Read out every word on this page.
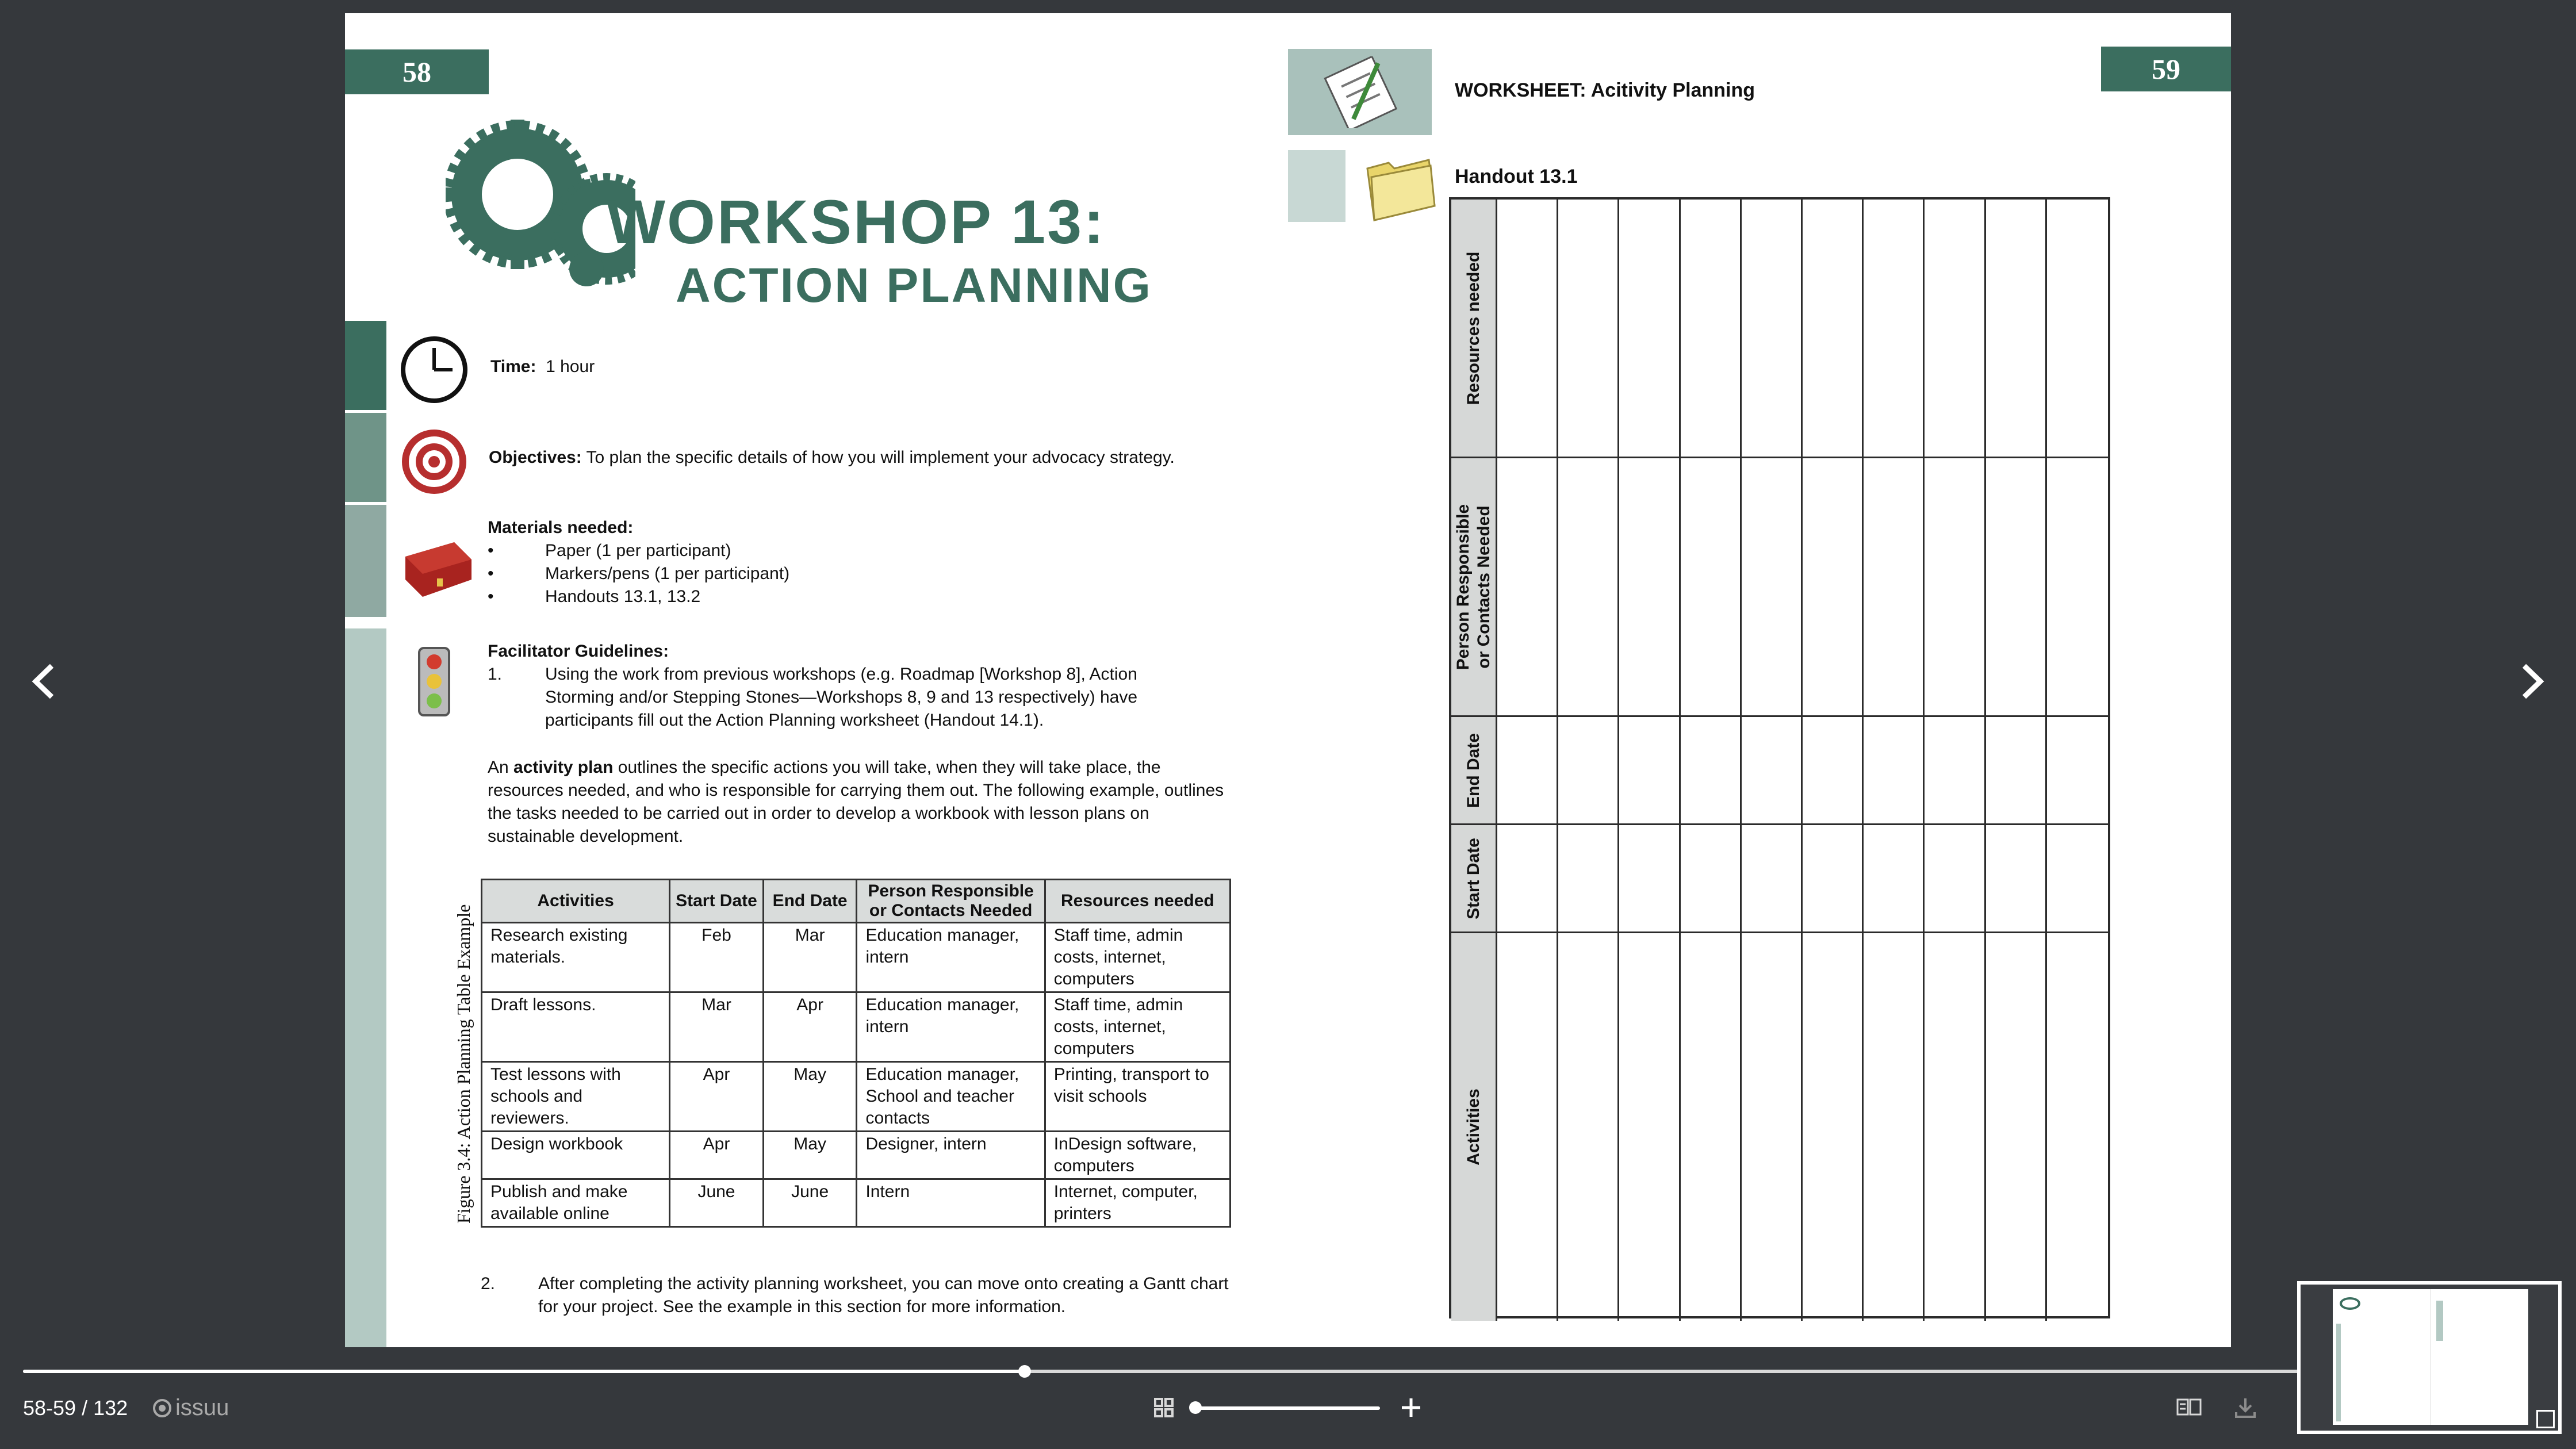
58
WORKSHOP 13:
ACTION PLANNING
Time: 1 hour
Objectives: To plan the specific details of how you will implement your advocacy strategy.
Materials needed:
•	Paper (1 per participant)
•	Markers/pens (1 per participant)
•	Handouts 13.1, 13.2
Facilitator Guidelines:
1.	Using the work from previous workshops (e.g. Roadmap [Workshop 8], Action Storming and/or Stepping Stones—Workshops 8, 9 and 13 respectively) have participants fill out the Action Planning worksheet (Handout 14.1).
An activity plan outlines the specific actions you will take, when they will take place, the resources needed, and who is responsible for carrying them out. The following example, outlines the tasks needed to be carried out in order to develop a workbook with lesson plans on sustainable development.
Figure 3.4: Action Planning Table Example
Activities	Start Date	End Date	Person Responsible or Contacts Needed	Resources needed
Research existing materials.	Feb	Mar	Education manager, intern	Staff time, admin costs, internet, computers
Draft lessons.	Mar	Apr	Education manager, intern	Staff time, admin costs, internet, computers
Test lessons with schools and reviewers.	Apr	May	Education manager, School and teacher contacts	Printing, transport to visit schools
Design workbook	Apr	May	Designer, intern	InDesign software, computers
Publish and make available online	June	June	Intern	Internet, computer, printers
2.	After completing the activity planning worksheet, you can move onto creating a Gantt chart for your project. See the example in this section for more information.
59
WORKSHEET: Acitivity Planning
Handout 13.1
Resources needed
Person Responsible or Contacts Needed
End Date
Start Date
Activities
58-59 / 132 issuu
